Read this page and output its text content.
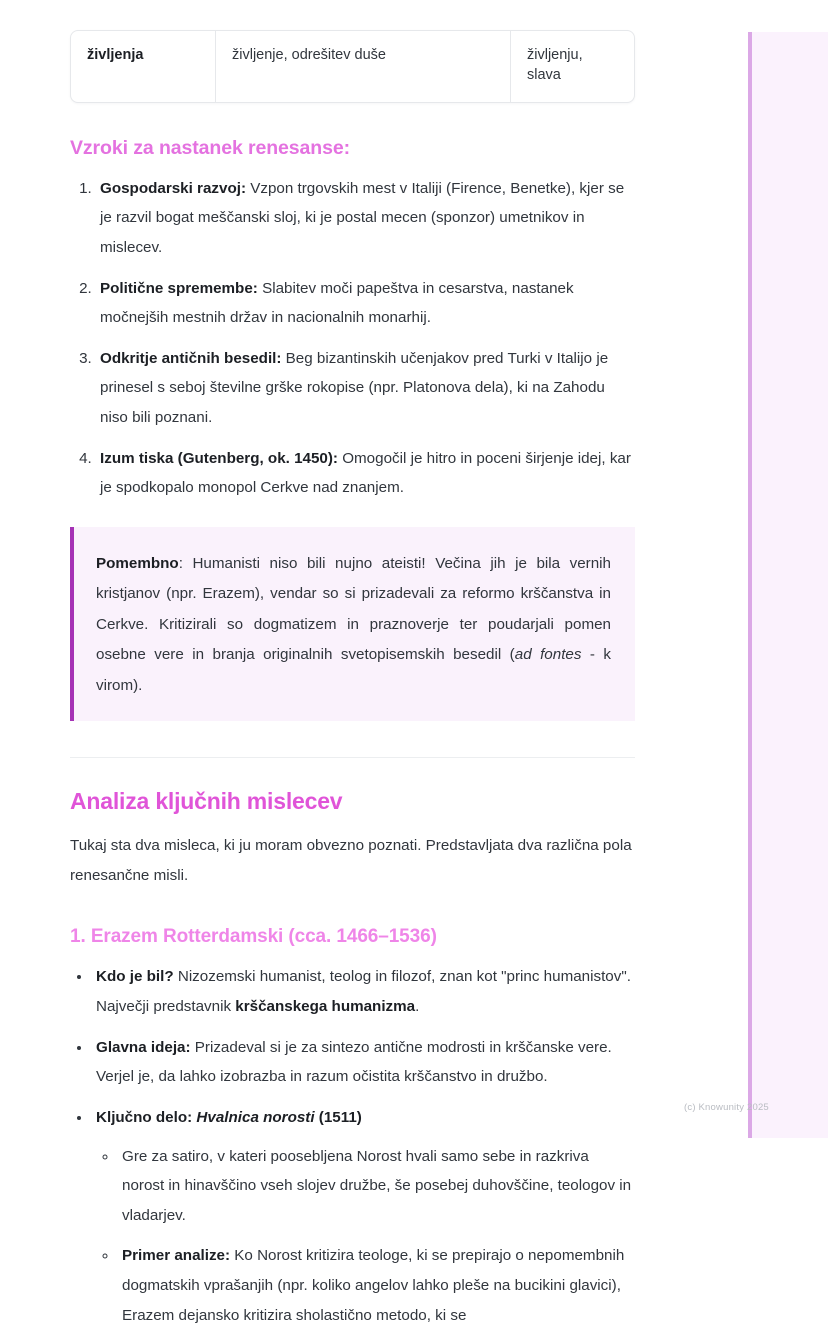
življenja	življenje, odrešitev duše	življenju, slava
Vzroki za nastanek renesanse:
1. Gospodarski razvoj: Vzpon trgovskih mest v Italiji (Firence, Benetke), kjer se je razvil bogat meščanski sloj, ki je postal mecen (sponzor) umetnikov in mislecev.
2. Politične spremembe: Slabitev moči papeštva in cesarstva, nastanek močnejših mestnih držav in nacionalnih monarhij.
3. Odkritje antičnih besedil: Beg bizantinskih učenjakov pred Turki v Italijo je prinesel s seboj številne grške rokopise (npr. Platonova dela), ki na Zahodu niso bili poznani.
4. Izum tiska (Gutenberg, ok. 1450): Omogočil je hitro in poceni širjenje idej, kar je spodkopalo monopol Cerkve nad znanjem.

Pomembno: Humanisti niso bili nujno ateisti! Večina jih je bila vernih kristjanov (npr. Erazem), vendar so si prizadevali za reformo krščanstva in Cerkve. Kritizirali so dogmatizem in praznoverje ter poudarjali pomen osebne vere in branja originalnih svetopisemskih besedil (ad fontes - k virom).

Analiza ključnih mislecev

Tukaj sta dva misleca, ki ju moram obvezno poznati. Predstavljata dva različna pola renesančne misli.

1. Erazem Rotterdamski (cca. 1466–1536)
• Kdo je bil? Nizozemski humanist, teolog in filozof, znan kot "princ humanistov". Največji predstavnik krščanskega humanizma.
• Glavna ideja: Prizadeval si je za sintezo antične modrosti in krščanske vere. Verjel je, da lahko izobrazba in razum očistita krščanstvo in družbo.
• Ključno delo: Hvalnica norosti (1511)
◦ Gre za satiro, v kateri poosebljena Norost hvali samo sebe in razkriva norost in hinavščino vseh slojev družbe, še posebej duhovščine, teologov in vladarjev.
◦ Primer analize: Ko Norost kritizira teologe, ki se prepirajo o nepomembnih dogmatskih vprašanjih (npr. koliko angelov lahko pleše na bucikini glavici), Erazem dejansko kritizira sholastično metodo, ki se
(c) Knowunity 2025
